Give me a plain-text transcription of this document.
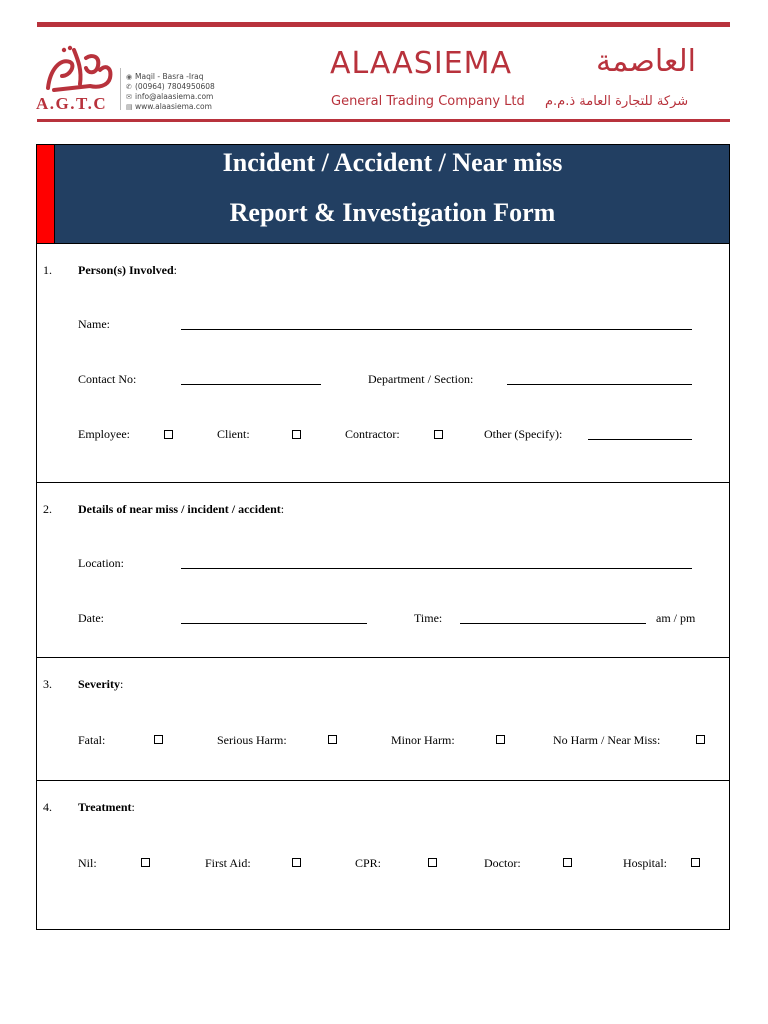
A.G.T.C
◉ Maqil - Basra -Iraq
✆ (00964) 7804950608
✉ info@alaasiema.com
▤ www.alaasiema.com
ALAASIEMA	العاصمة
General Trading Company Ltd شركة للتجارة العامة ذ.م.م
Incident / Accident / Near miss
Report & Investigation Form
1. Person(s) Involved:
Name:
Contact No:	Department / Section:
Employee:	Client:	Contractor:	Other (Specify):
2. Details of near miss / incident / accident:
Location:
Date:	Time:	am / pm
3. Severity:
Fatal:	Serious Harm:	Minor Harm:	No Harm / Near Miss:
4. Treatment:
Nil:	First Aid:	CPR:	Doctor:	Hospital:
